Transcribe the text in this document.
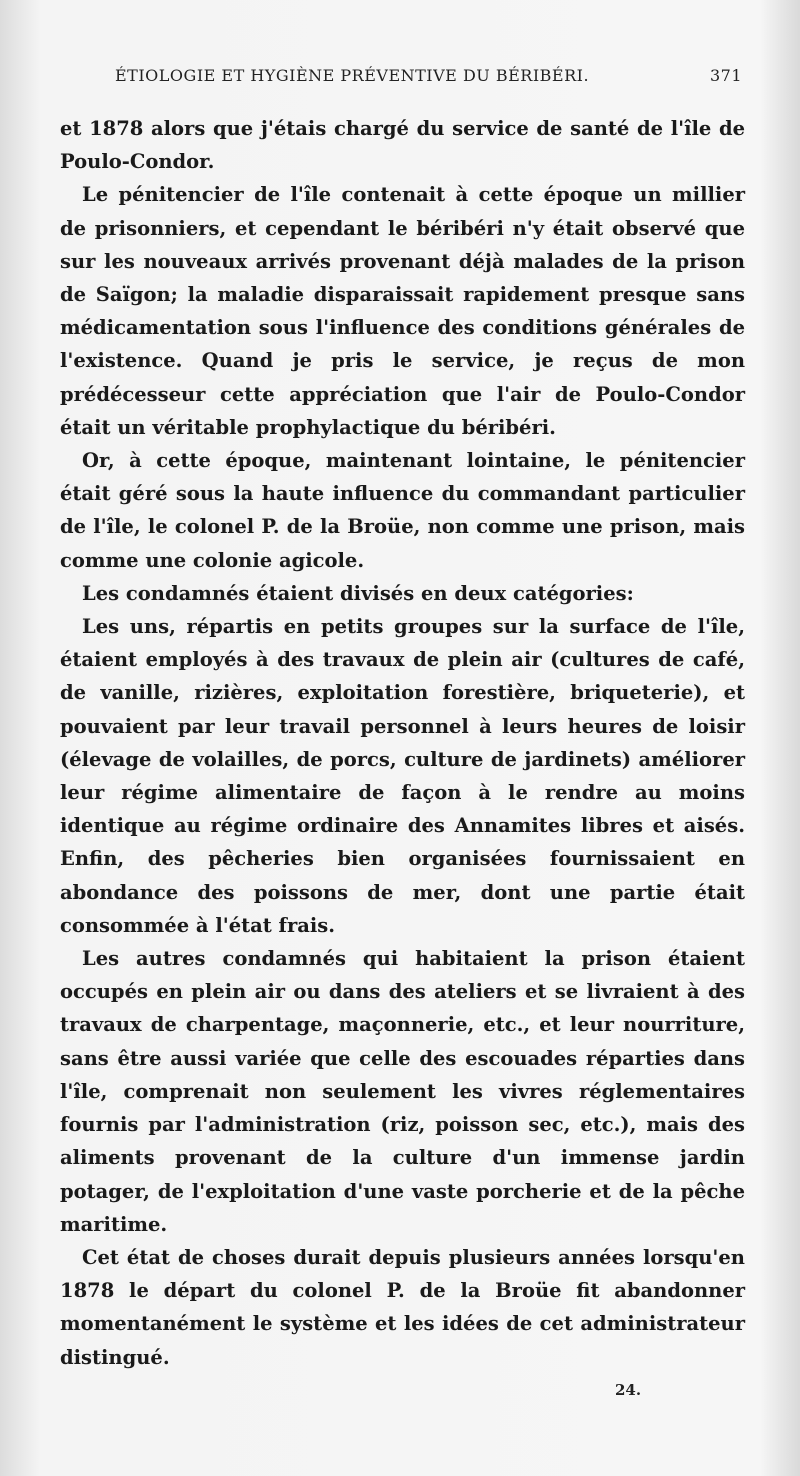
ÉTIOLOGIE ET HYGIÈNE PRÉVENTIVE DU BÉRIBÉRI.	371

et 1878 alors que j'étais chargé du service de santé de l'île de Poulo-Condor.

Le pénitencier de l'île contenait à cette époque un millier de prisonniers, et cependant le béribéri n'y était observé que sur les nouveaux arrivés provenant déjà malades de la prison de Saïgon; la maladie disparaissait rapidement presque sans médicamentation sous l'influence des conditions générales de l'existence. Quand je pris le service, je reçus de mon prédécesseur cette appréciation que l'air de Poulo-Condor était un véritable prophylactique du béribéri.

Or, à cette époque, maintenant lointaine, le pénitencier était géré sous la haute influence du commandant particulier de l'île, le colonel P. de la Broüe, non comme une prison, mais comme une colonie agicole.

Les condamnés étaient divisés en deux catégories:

Les uns, répartis en petits groupes sur la surface de l'île, étaient employés à des travaux de plein air (cultures de café, de vanille, rizières, exploitation forestière, briqueterie), et pouvaient par leur travail personnel à leurs heures de loisir (élevage de volailles, de porcs, culture de jardinets) améliorer leur régime alimentaire de façon à le rendre au moins identique au régime ordinaire des Annamites libres et aisés. Enfin, des pêcheries bien organisées fournissaient en abondance des poissons de mer, dont une partie était consommée à l'état frais.

Les autres condamnés qui habitaient la prison étaient occupés en plein air ou dans des ateliers et se livraient à des travaux de charpentage, maçonnerie, etc., et leur nourriture, sans être aussi variée que celle des escouades réparties dans l'île, comprenait non seulement les vivres réglementaires fournis par l'administration (riz, poisson sec, etc.), mais des aliments provenant de la culture d'un immense jardin potager, de l'exploitation d'une vaste porcherie et de la pêche maritime.

Cet état de choses durait depuis plusieurs années lorsqu'en 1878 le départ du colonel P. de la Broüe fit abandonner momentanément le système et les idées de cet administrateur distingué.

24.
